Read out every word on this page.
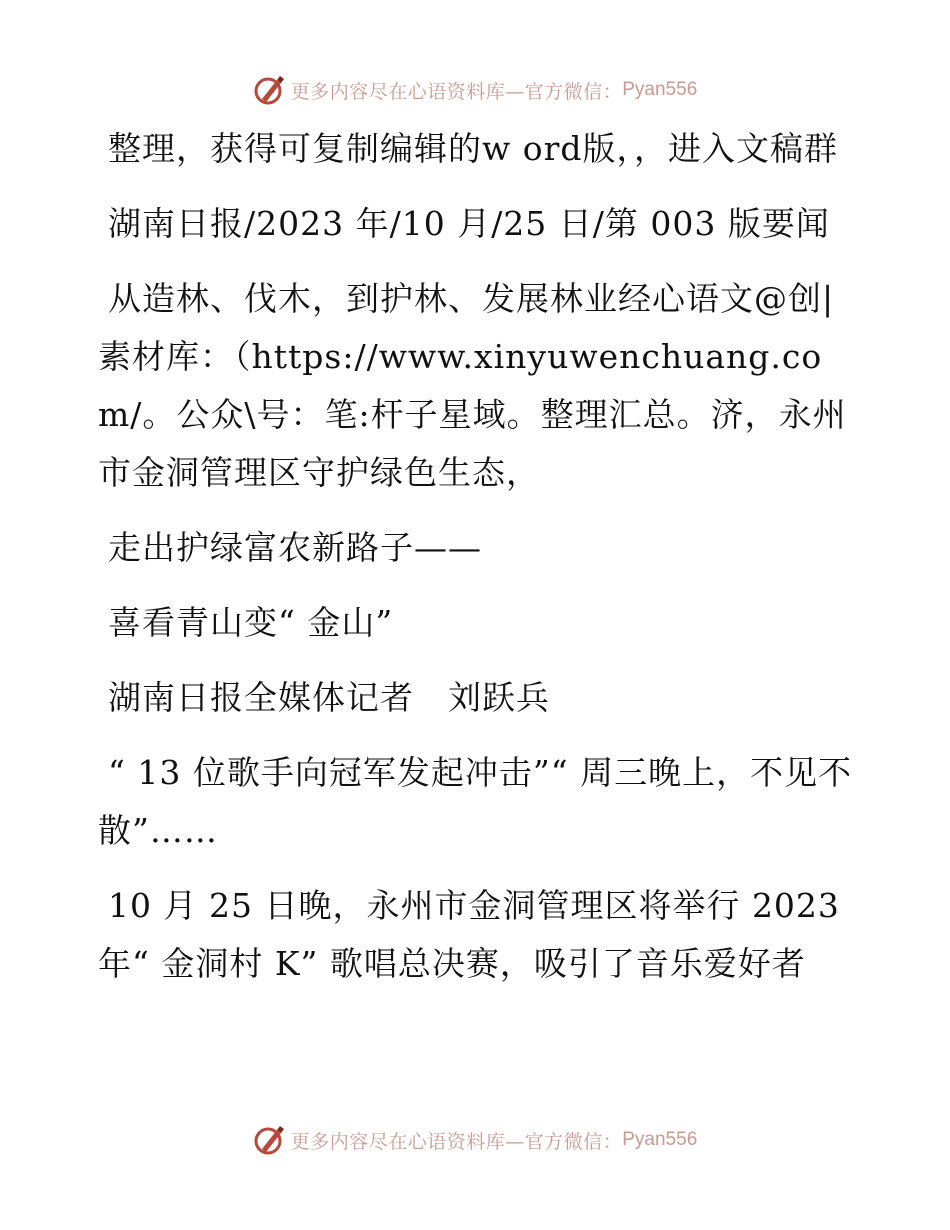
更多内容尽在心语资料库—官方微信： Pyan556

整理，获得可复制编辑的w ord版，，进入文稿群

湖南日报/2023 年/10 月/25 日/第 003 版要闻

从造林、伐木，到护林、发展林业经心语文@创|素材库：（https://www.xinyuwenchuang.com/。公众\号：笔:杆子星域。整理汇总。济，永州市金洞管理区守护绿色生态，

走出护绿富农新路子——

喜看青山变“ 金山”

湖南日报全媒体记者　刘跃兵

“ 13 位歌手向冠军发起冲击”“ 周三晚上，不见不散”……

10 月 25 日晚，永州市金洞管理区将举行 2023 年“ 金洞村 K” 歌唱总决赛，吸引了音乐爱好者

更多内容尽在心语资料库—官方微信： Pyan556
